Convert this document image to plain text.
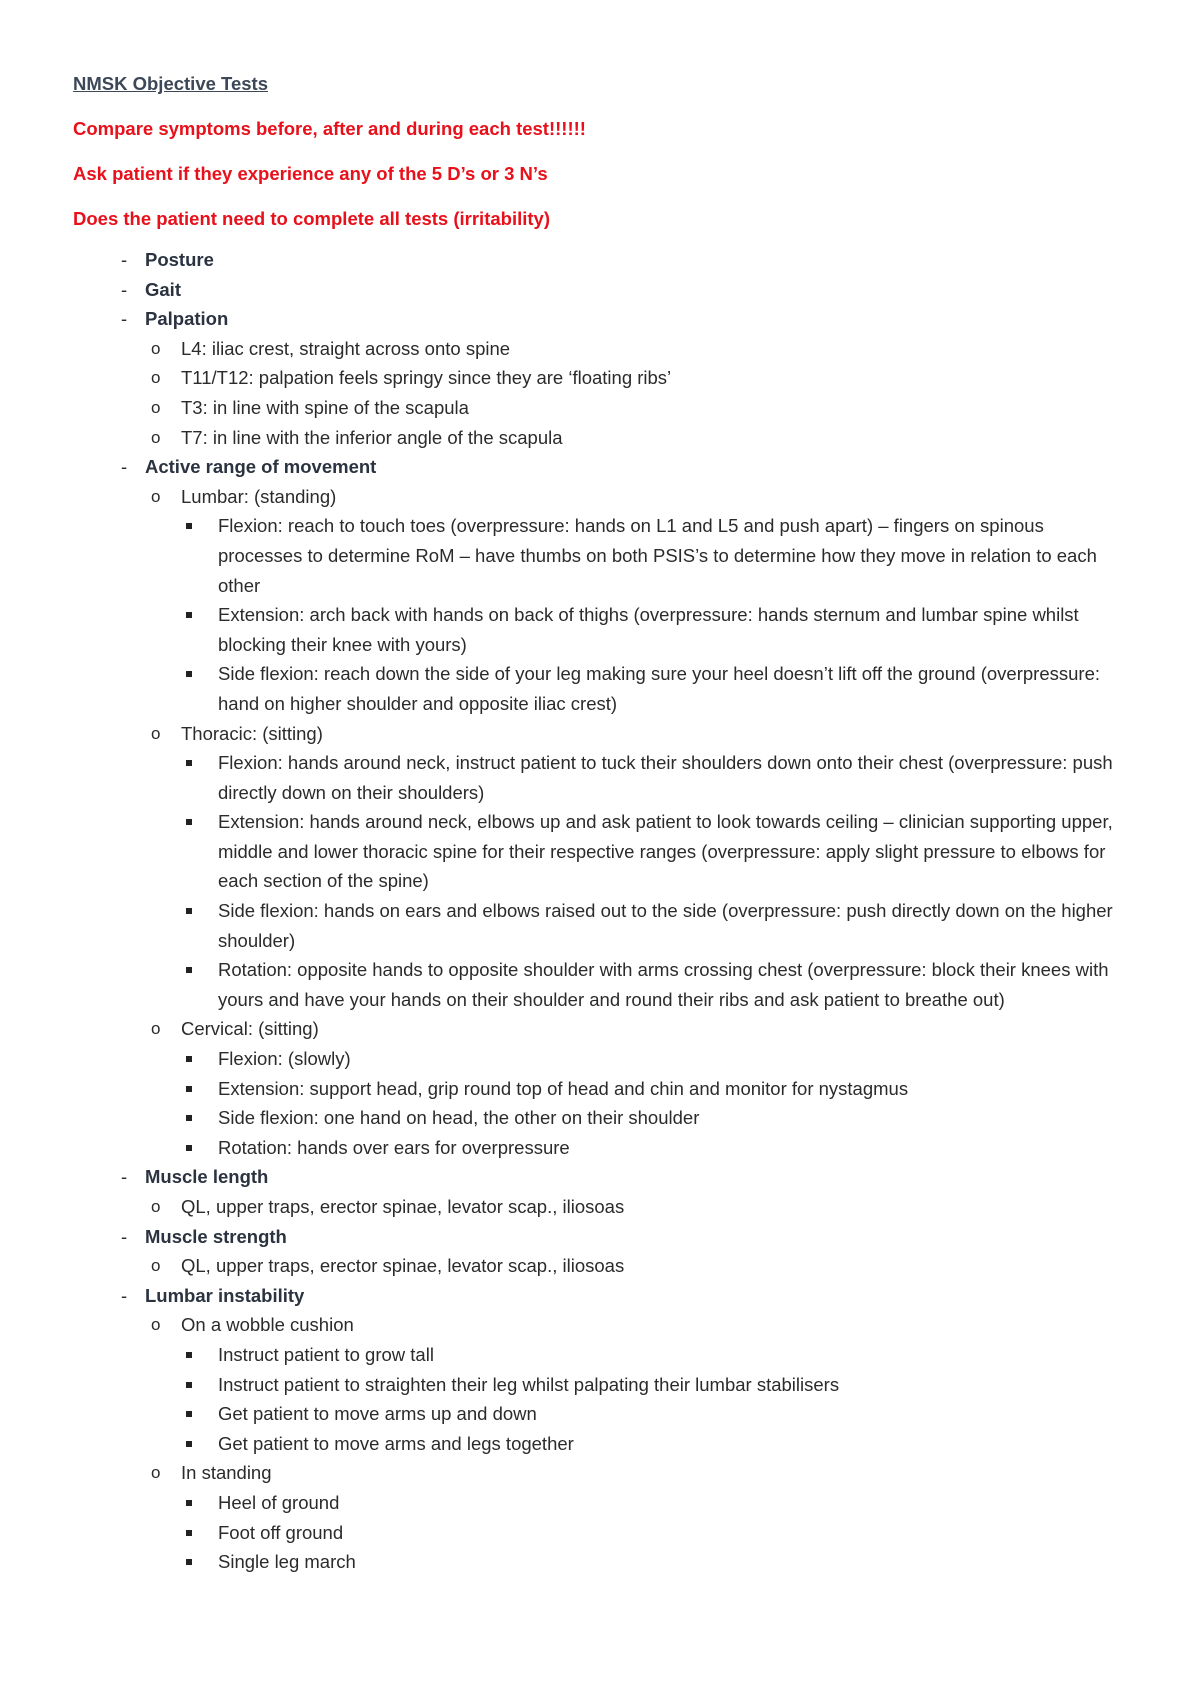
NMSK Objective Tests
Compare symptoms before, after and during each test!!!!!!
Ask patient if they experience any of the 5 D’s or 3 N’s
Does the patient need to complete all tests (irritability)
- Posture
- Gait
- Palpation
o L4: iliac crest, straight across onto spine
o T11/T12: palpation feels springy since they are ‘floating ribs’
o T3: in line with spine of the scapula
o T7: in line with the inferior angle of the scapula
- Active range of movement
o Lumbar: (standing)
Flexion: reach to touch toes (overpressure: hands on L1 and L5 and push apart) – fingers on spinous processes to determine RoM – have thumbs on both PSIS’s to determine how they move in relation to each other
Extension: arch back with hands on back of thighs (overpressure: hands sternum and lumbar spine whilst blocking their knee with yours)
Side flexion: reach down the side of your leg making sure your heel doesn’t lift off the ground (overpressure: hand on higher shoulder and opposite iliac crest)
o Thoracic: (sitting)
Flexion: hands around neck, instruct patient to tuck their shoulders down onto their chest (overpressure: push directly down on their shoulders)
Extension: hands around neck, elbows up and ask patient to look towards ceiling – clinician supporting upper, middle and lower thoracic spine for their respective ranges (overpressure: apply slight pressure to elbows for each section of the spine)
Side flexion: hands on ears and elbows raised out to the side (overpressure: push directly down on the higher shoulder)
Rotation: opposite hands to opposite shoulder with arms crossing chest (overpressure: block their knees with yours and have your hands on their shoulder and round their ribs and ask patient to breathe out)
o Cervical: (sitting)
Flexion: (slowly)
Extension: support head, grip round top of head and chin and monitor for nystagmus
Side flexion: one hand on head, the other on their shoulder
Rotation: hands over ears for overpressure
- Muscle length
o QL, upper traps, erector spinae, levator scap., iliosoas
- Muscle strength
o QL, upper traps, erector spinae, levator scap., iliosoas
- Lumbar instability
o On a wobble cushion
Instruct patient to grow tall
Instruct patient to straighten their leg whilst palpating their lumbar stabilisers
Get patient to move arms up and down
Get patient to move arms and legs together
o In standing
Heel of ground
Foot off ground
Single leg march
